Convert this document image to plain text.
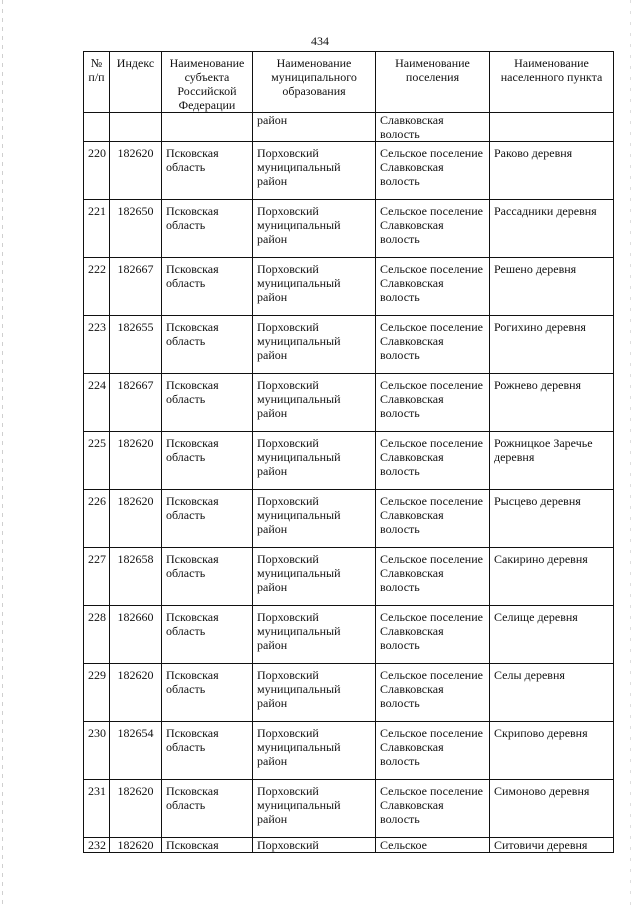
434
№ п/п	Индекс	Наименование субъекта Российской Федерации	Наименование муниципального образования	Наименование поселения	Наименование населенного пункта
			район	Славковская волость	
220	182620	Псковская область	Порховский муниципальный район	Сельское поселение Славковская волость	Раково деревня
221	182650	Псковская область	Порховский муниципальный район	Сельское поселение Славковская волость	Рассадники деревня
222	182667	Псковская область	Порховский муниципальный район	Сельское поселение Славковская волость	Решено деревня
223	182655	Псковская область	Порховский муниципальный район	Сельское поселение Славковская волость	Рогихино деревня
224	182667	Псковская область	Порховский муниципальный район	Сельское поселение Славковская волость	Рожнево деревня
225	182620	Псковская область	Порховский муниципальный район	Сельское поселение Славковская волость	Рожницкое Заречье деревня
226	182620	Псковская область	Порховский муниципальный район	Сельское поселение Славковская волость	Рысцево деревня
227	182658	Псковская область	Порховский муниципальный район	Сельское поселение Славковская волость	Сакирино деревня
228	182660	Псковская область	Порховский муниципальный район	Сельское поселение Славковская волость	Селище деревня
229	182620	Псковская область	Порховский муниципальный район	Сельское поселение Славковская волость	Селы деревня
230	182654	Псковская область	Порховский муниципальный район	Сельское поселение Славковская волость	Скрипово деревня
231	182620	Псковская область	Порховский муниципальный район	Сельское поселение Славковская волость	Симоново деревня
232	182620	Псковская	Порховский	Сельское	Ситовичи деревня
